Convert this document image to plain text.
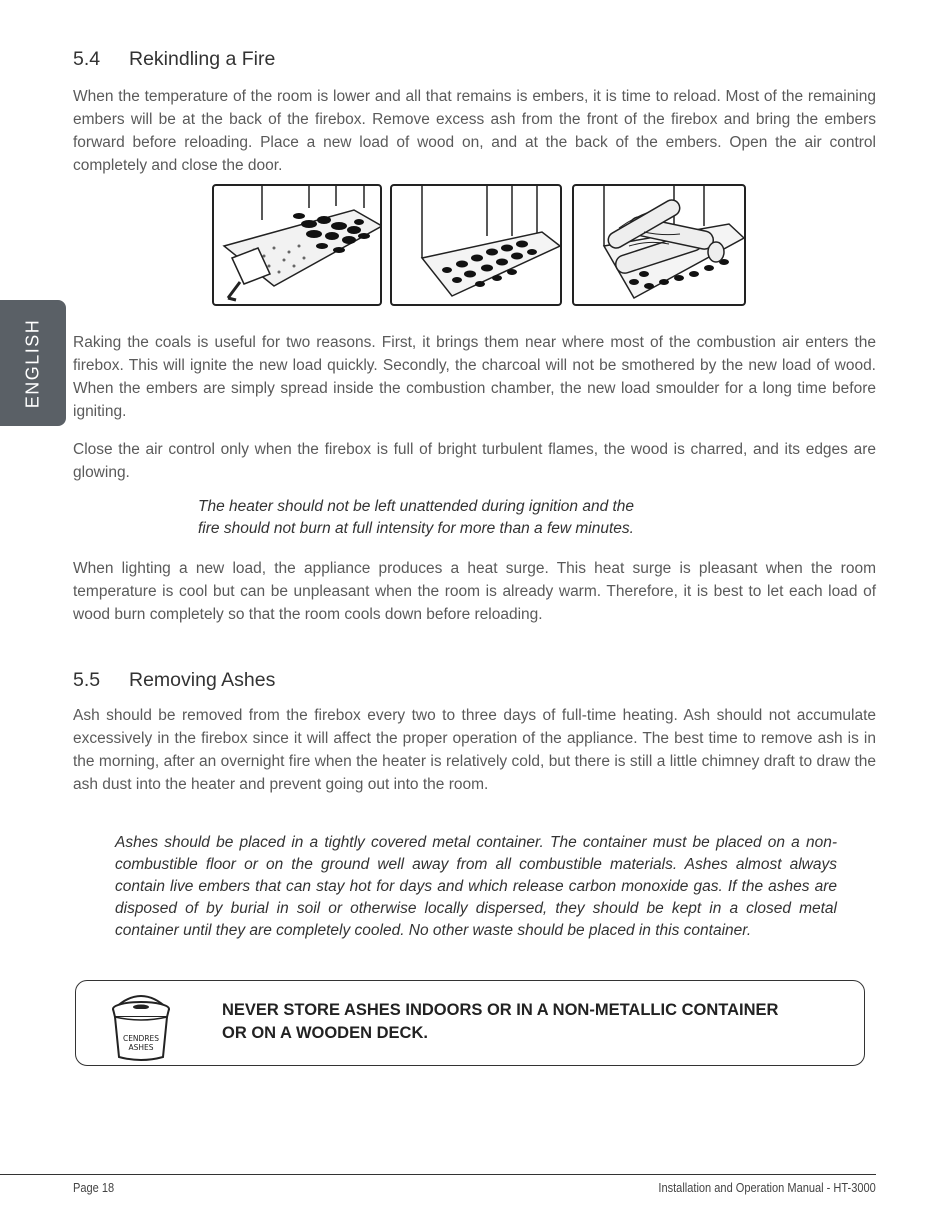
ENGLISH
5.4 Rekindling a Fire

When the temperature of the room is lower and all that remains is embers, it is time to reload. Most of the remaining embers will be at the back of the firebox. Remove excess ash from the front of the firebox and bring the embers forward before reloading. Place a new load of wood on, and at the back of the embers. Open the air control completely and close the door.

Raking the coals is useful for two reasons. First, it brings them near where most of the combustion air enters the firebox. This will ignite the new load quickly. Secondly, the charcoal will not be smothered by the new load of wood. When the embers are simply spread inside the combustion chamber, the new load smoulder for a long time before igniting.

Close the air control only when the firebox is full of bright turbulent flames, the wood is charred, and its edges are glowing.

The heater should not be left unattended during ignition and the
fire should not burn at full intensity for more than a few minutes.

When lighting a new load, the appliance produces a heat surge. This heat surge is pleasant when the room temperature is cool but can be unpleasant when the room is already warm. Therefore, it is best to let each load of wood burn completely so that the room cools down before reloading.

5.5 Removing Ashes

Ash should be removed from the firebox every two to three days of full-time heating. Ash should not accumulate excessively in the firebox since it will affect the proper operation of the appliance. The best time to remove ash is in the morning, after an overnight fire when the heater is relatively cold, but there is still a little chimney draft to draw the ash dust into the heater and prevent going out into the room.

Ashes should be placed in a tightly covered metal container. The container must be placed on a non-combustible floor or on the ground well away from all combustible materials. Ashes almost always contain live embers that can stay hot for days and which release carbon monoxide gas. If the ashes are disposed of by burial in soil or otherwise locally dispersed, they should be kept in a closed metal container until they are completely cooled. No other waste should be placed in this container.

CENDRES
ASHES
NEVER STORE ASHES INDOORS OR IN A NON-METALLIC CONTAINER
OR ON A WOODEN DECK.
Page 18	Installation and Operation Manual - HT-3000
